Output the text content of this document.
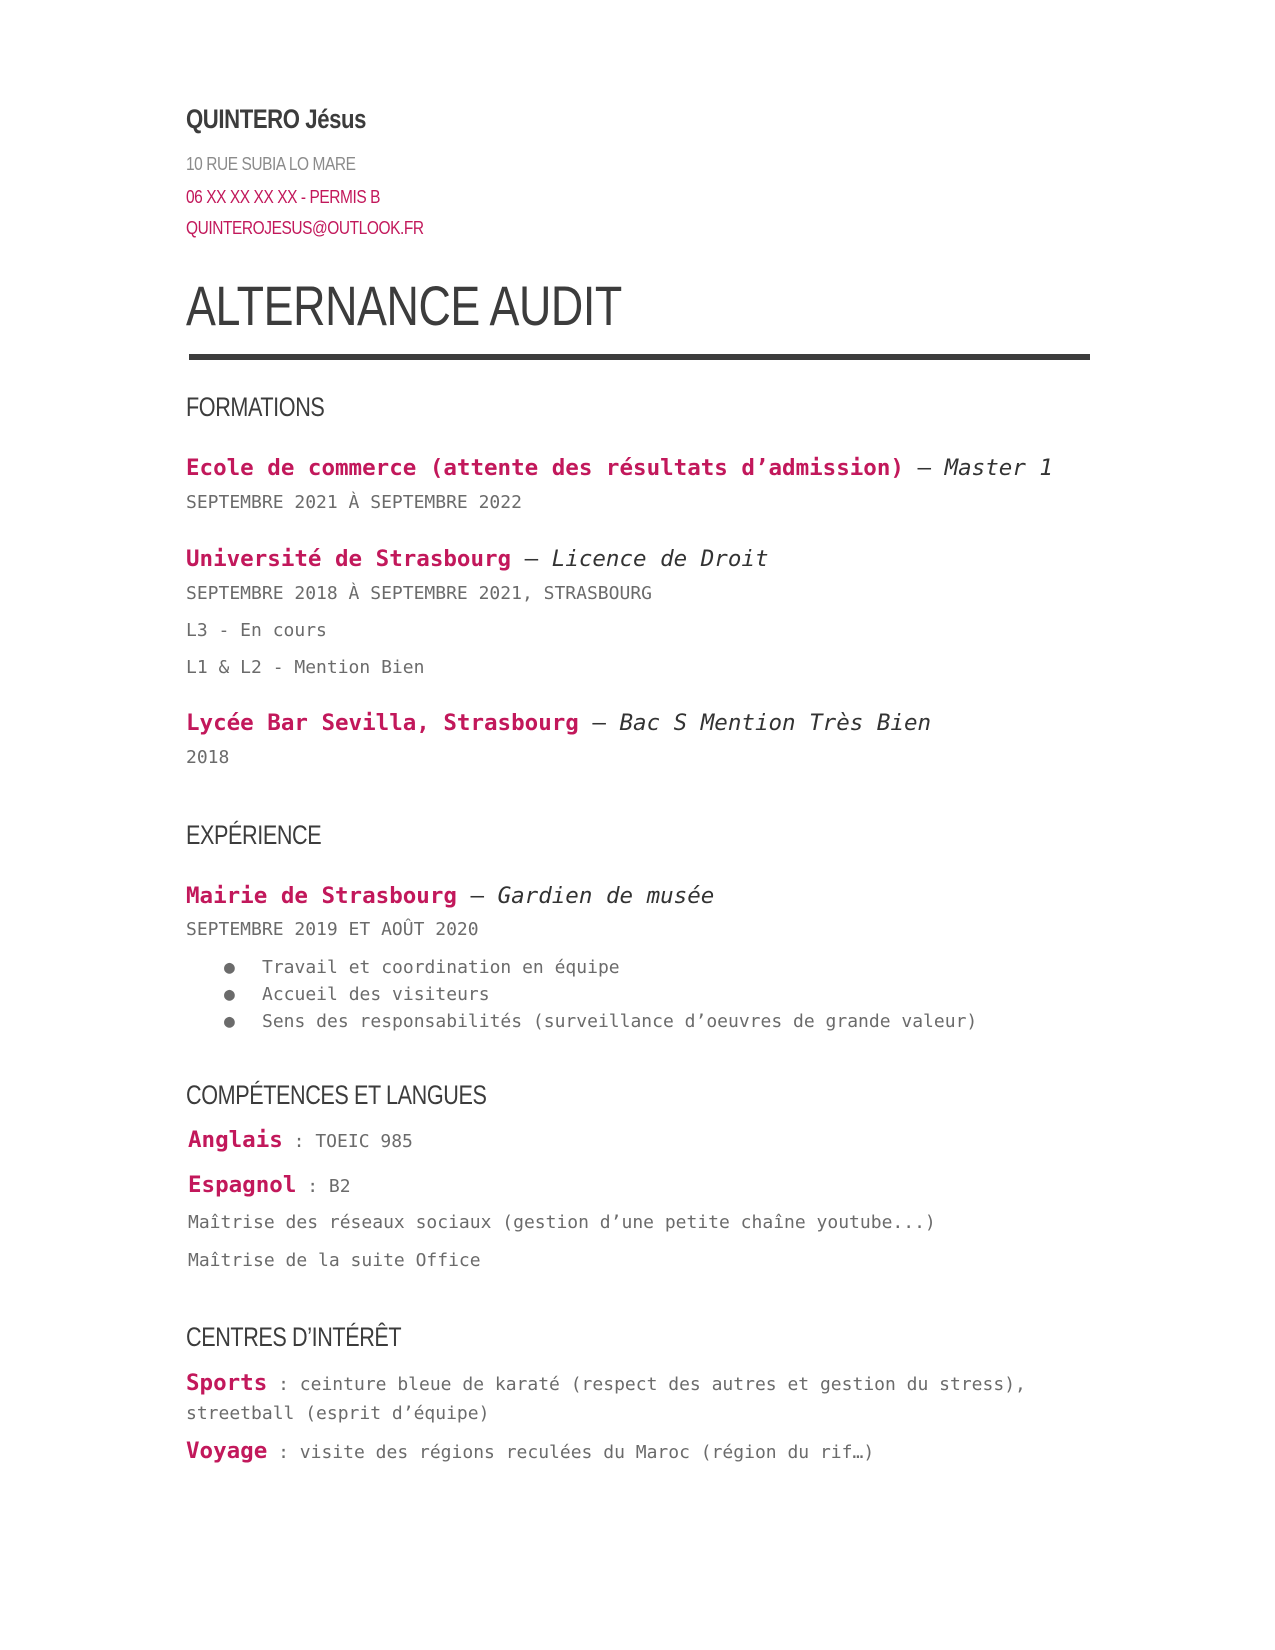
QUINTERO Jésus
10 RUE SUBIA LO MARE
06 XX XX XX XX - PERMIS B
QUINTEROJESUS@OUTLOOK.FR
ALTERNANCE AUDIT
FORMATIONS
Ecole de commerce (attente des résultats d’admission) — Master 1
SEPTEMBRE 2021 À SEPTEMBRE 2022
Université de Strasbourg — Licence de Droit
SEPTEMBRE 2018 À SEPTEMBRE 2021, STRASBOURG
L3 - En cours
L1 & L2 - Mention Bien
Lycée Bar Sevilla, Strasbourg — Bac S Mention Très Bien
2018
EXPÉRIENCE
Mairie de Strasbourg — Gardien de musée
SEPTEMBRE 2019 ET AOÛT 2020
● Travail et coordination en équipe
● Accueil des visiteurs
● Sens des responsabilités (surveillance d’oeuvres de grande valeur)
COMPÉTENCES ET LANGUES
Anglais : TOEIC 985
Espagnol : B2
Maîtrise des réseaux sociaux (gestion d’une petite chaîne youtube...)
Maîtrise de la suite Office
CENTRES D’INTÉRÊT
Sports : ceinture bleue de karaté (respect des autres et gestion du stress),
streetball (esprit d’équipe)
Voyage : visite des régions reculées du Maroc (région du rif…)
